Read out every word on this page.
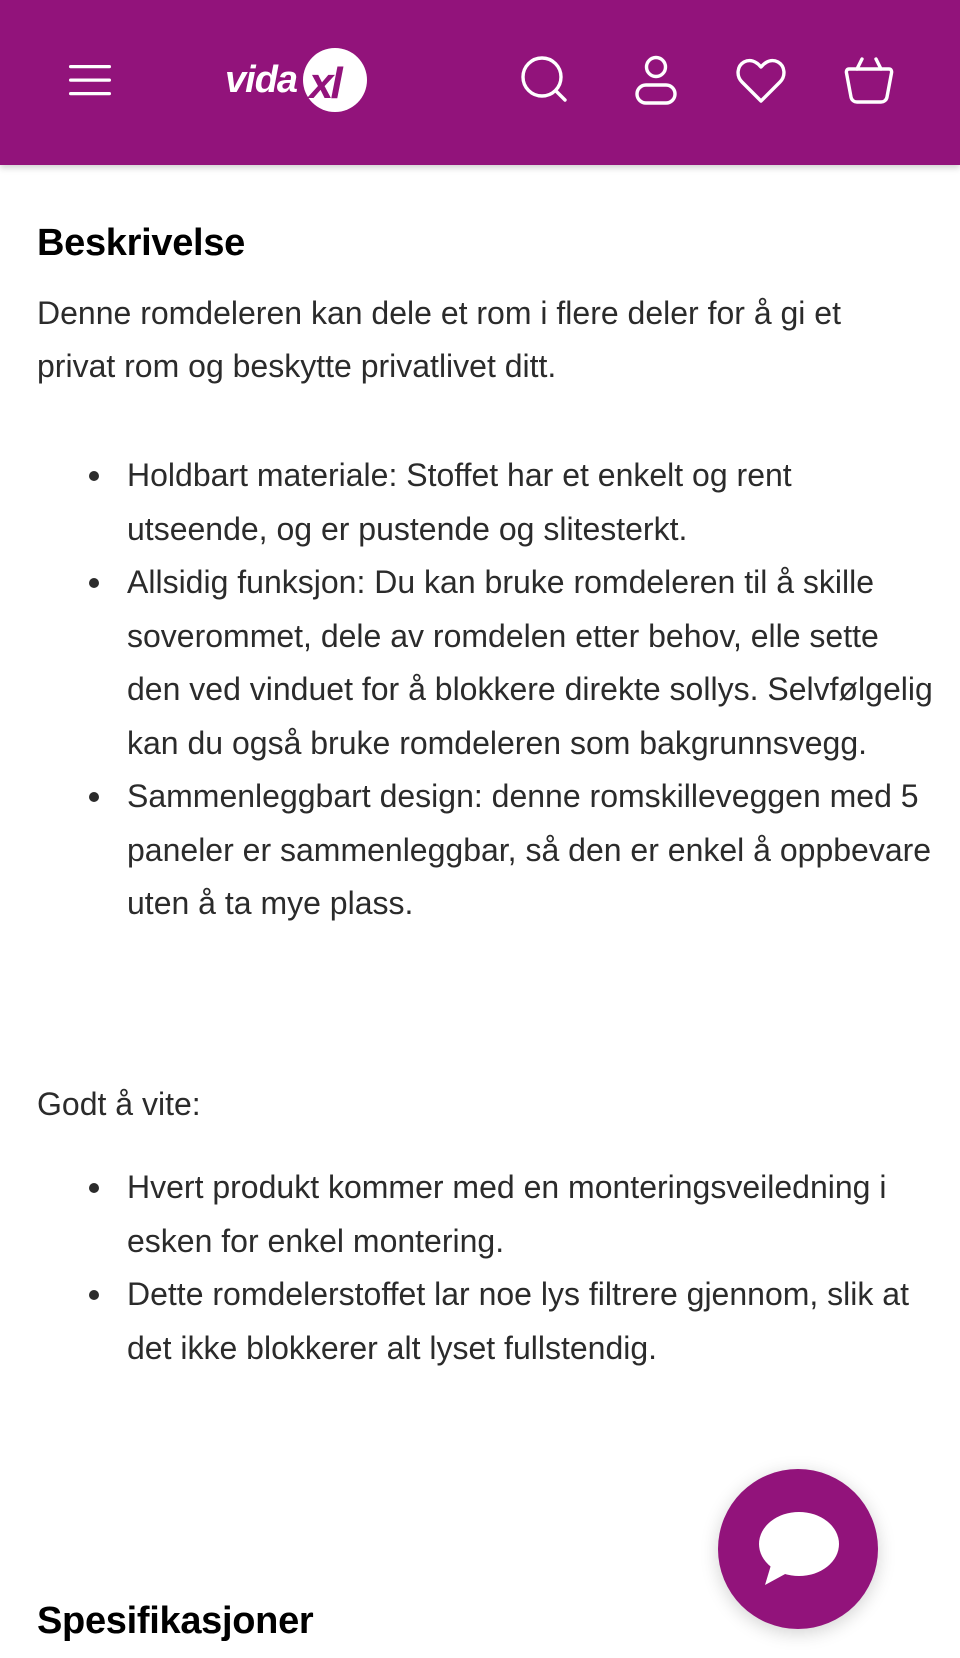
vida xl
Beskrivelse

Denne romdeleren kan dele et rom i flere deler for å gi et privat rom og beskytte privatlivet ditt.

Holdbart materiale: Stoffet har et enkelt og rent utseende, og er pustende og slitesterkt.
Allsidig funksjon: Du kan bruke romdeleren til å skille soverommet, dele av romdelen etter behov, elle sette den ved vinduet for å blokkere direkte sollys. Selvfølgelig kan du også bruke romdeleren som bakgrunnsvegg.
Sammenleggbart design: denne romskilleveggen med 5 paneler er sammenleggbar, så den er enkel å oppbevare uten å ta mye plass.

Godt å vite:

Hvert produkt kommer med en monteringsveiledning i esken for enkel montering.
Dette romdelerstoffet lar noe lys filtrere gjennom, slik at det ikke blokkerer alt lyset fullstendig.
Spesifikasjoner
